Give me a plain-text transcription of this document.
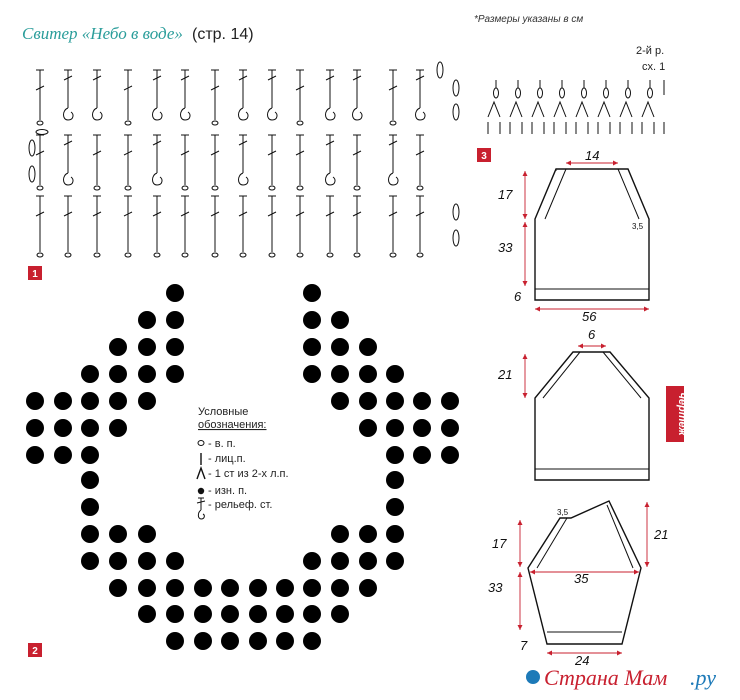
Свитер «Небо в воде» (стр. 14)
*Размеры указаны в см
1
2
Условные
обозначения:
- в. п.
- лиц.п.
- 1 ст из 2-х л.п.
- изн. п.
- рельеф. ст.
2-й р.
сх. 1
3	14
17
33
6
56
3,5
6
21
чертеж
3,5
17
21
35
33
7
24
Страна Мам .ру
